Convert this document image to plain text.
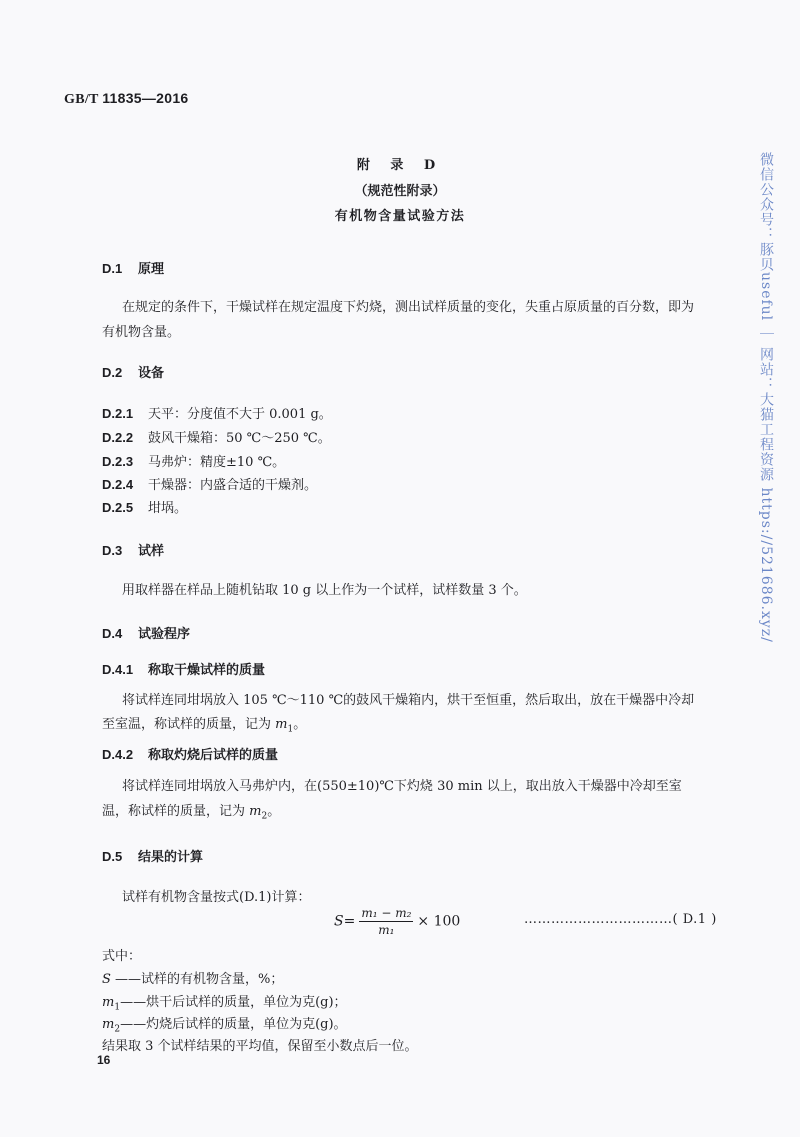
GB/T 11835—2016
附 录 D
（规范性附录）
有机物含量试验方法
D.1 原理
在规定的条件下，干燥试样在规定温度下灼烧，测出试样质量的变化，失重占原质量的百分数，即为
有机物含量。
D.2 设备
D.2.1 天平：分度值不大于 0.001 g。
D.2.2 鼓风干燥箱：50 ℃～250 ℃。
D.2.3 马弗炉：精度±10 ℃。
D.2.4 干燥器：内盛合适的干燥剂。
D.2.5 坩埚。
D.3 试样
用取样器在样品上随机钻取 10 g 以上作为一个试样，试样数量 3 个。
D.4 试验程序
D.4.1 称取干燥试样的质量
将试样连同坩埚放入 105 ℃～110 ℃的鼓风干燥箱内，烘干至恒重，然后取出，放在干燥器中冷却
至室温，称试样的质量，记为 $m_1$。
D.4.2 称取灼烧后试样的质量
将试样连同坩埚放入马弗炉内，在(550±10)℃下灼烧 30 min 以上，取出放入干燥器中冷却至室
温，称试样的质量，记为 $m_2$。
D.5 结果的计算
试样有机物含量按式(D.1)计算：
$S= \frac{\text{m₁ − m₂}}{\text{m₁}} \times 100$	……………………………( D.1 )
式中：
S ——试样的有机物含量，%；
$m_1——$烘干后试样的质量，单位为克(g)；
$m_2——$灼烧后试样的质量，单位为克(g)。
结果取 3 个试样结果的平均值，保留至小数点后一位。
16
微信公众号：豚贝useful ｜ 网站：大猫工程资源 https://521686.xyz/
